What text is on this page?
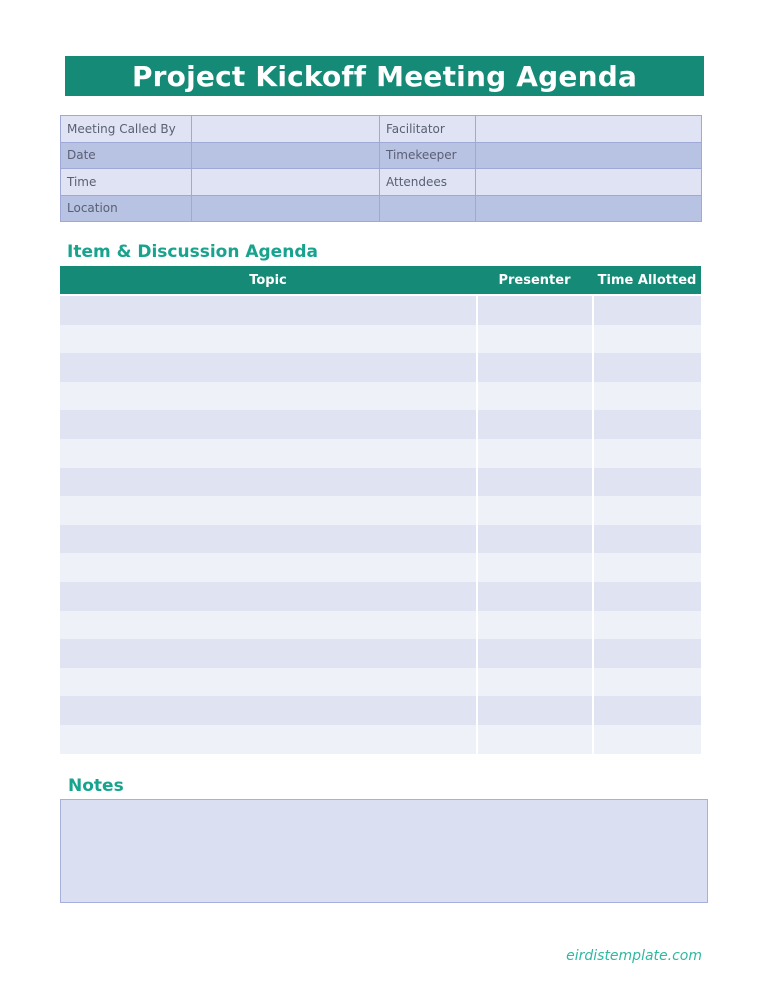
Project Kickoff Meeting Agenda
Meeting Called By		Facilitator	
Date		Timekeeper	
Time		Attendees	
Location			
Item & Discussion Agenda
Topic	Presenter	Time Allotted
Notes
eirdistemplate.com
